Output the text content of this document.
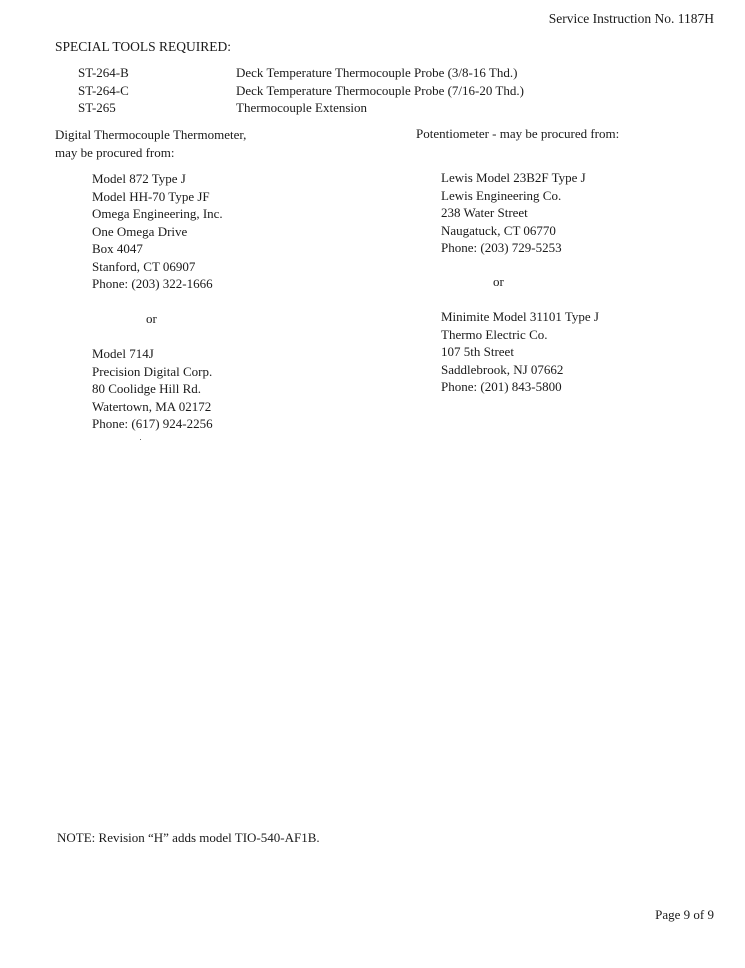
Service Instruction No. 1187H
SPECIAL TOOLS REQUIRED:
ST-264-B	Deck Temperature Thermocouple Probe (3/8-16 Thd.)
ST-264-C	Deck Temperature Thermocouple Probe (7/16-20 Thd.)
ST-265	Thermocouple Extension
Digital Thermocouple Thermometer,
may be procured from:
Model 872 Type J
Model HH-70 Type JF
Omega Engineering, Inc.
One Omega Drive
Box 4047
Stanford, CT 06907
Phone: (203) 322-1666
or
Model 714J
Precision Digital Corp.
80 Coolidge Hill Rd.
Watertown, MA 02172
Phone: (617) 924-2256
Potentiometer - may be procured from:
Lewis Model 23B2F Type J
Lewis Engineering Co.
238 Water Street
Naugatuck, CT 06770
Phone: (203) 729-5253
or
Minimite Model 31101 Type J
Thermo Electric Co.
107 5th Street
Saddlebrook, NJ 07662
Phone: (201) 843-5800
NOTE: Revision “H” adds model TIO-540-AF1B.
Page 9 of 9
